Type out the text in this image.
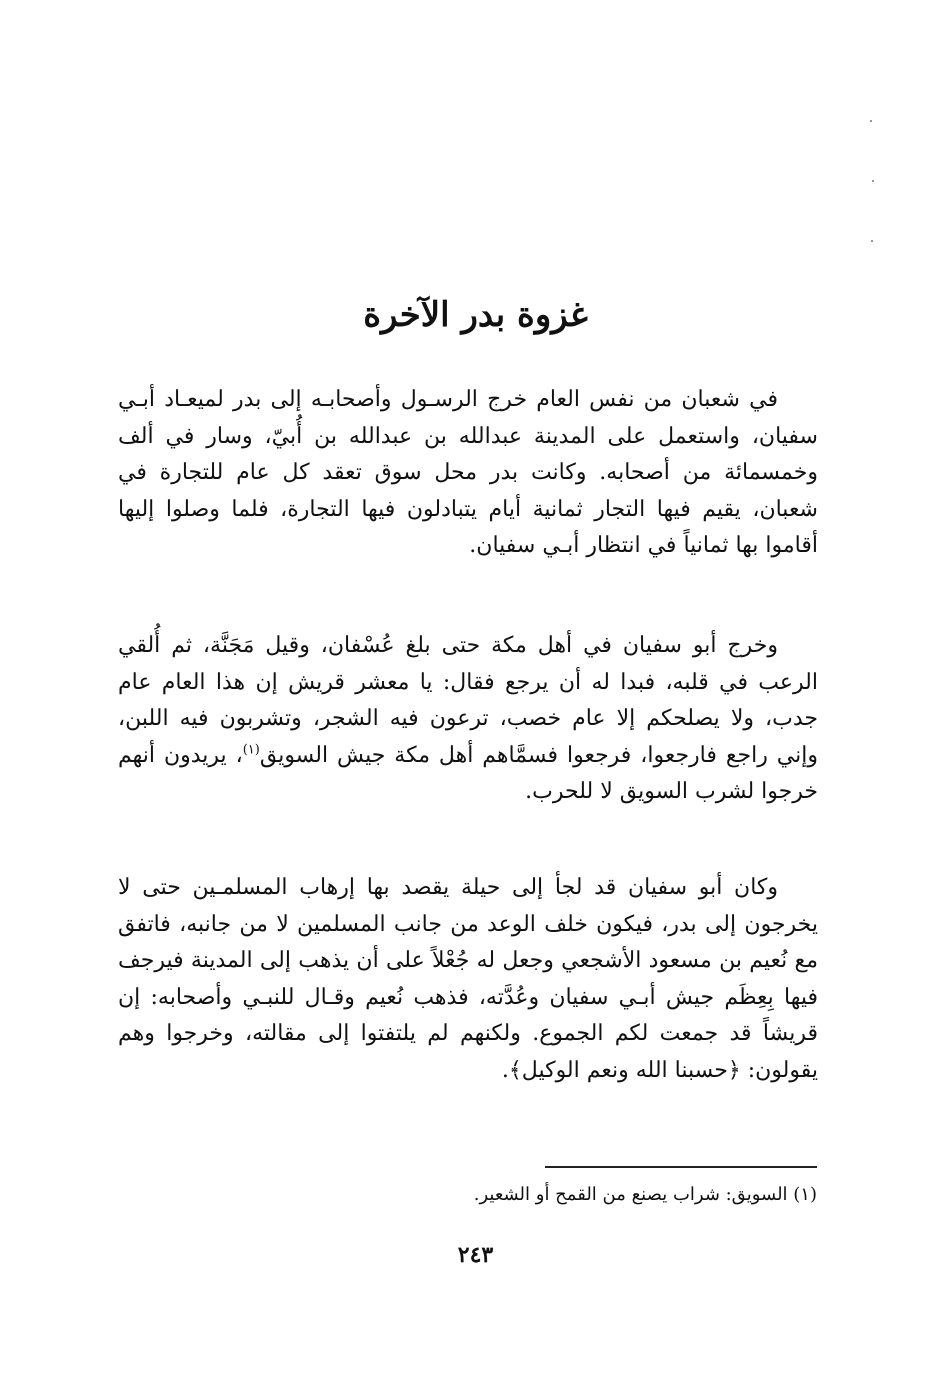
غزوة بدر الآخرة

في شعبان من نفس العام خرج الرسـول وأصحابـه إلى بدر لميعـاد أبـي سفيان، واستعمل على المدينة عبدالله بن عبدالله بن أُبيّ، وسار في ألف وخمسمائة من أصحابه. وكانت بدر محل سوق تعقد كل عام للتجارة في شعبان، يقيم فيها التجار ثمانية أيام يتبادلون فيها التجارة، فلما وصلوا إليها أقاموا بها ثمانياً في انتظار أبـي سفيان.

وخرج أبو سفيان في أهل مكة حتى بلغ عُسْفان، وقيل مَجَنَّة، ثم أُلقي الرعب في قلبه، فبدا له أن يرجع فقال: يا معشر قريش إن هذا العام عام جدب، ولا يصلحكم إلا عام خصب، ترعون فيه الشجر، وتشربون فيه اللبن، وإني راجع فارجعوا، فرجعوا فسمَّاهم أهل مكة جيش السويق$^{(١)}$، يريدون أنهم خرجوا لشرب السويق لا للحرب.

وكان أبو سفيان قد لجأ إلى حيلة يقصد بها إرهاب المسلمـين حتى لا يخرجون إلى بدر، فيكون خلف الوعد من جانب المسلمين لا من جانبه، فاتفق مع نُعيم بن مسعود الأشجعي وجعل له جُعْلاً على أن يذهب إلى المدينة فيرجف فيها بِعِظَم جيش أبـي سفيان وعُدَّته، فذهب نُعيم وقـال للنبـي وأصحابه: إن قريشاً قد جمعت لكم الجموع. ولكنهم لم يلتفتوا إلى مقالته، وخرجوا وهم يقولون: ﴿حسبنا الله ونعم الوكيل﴾.

(١) السويق: شراب يصنع من القمح أو الشعير.
٢٤٣
